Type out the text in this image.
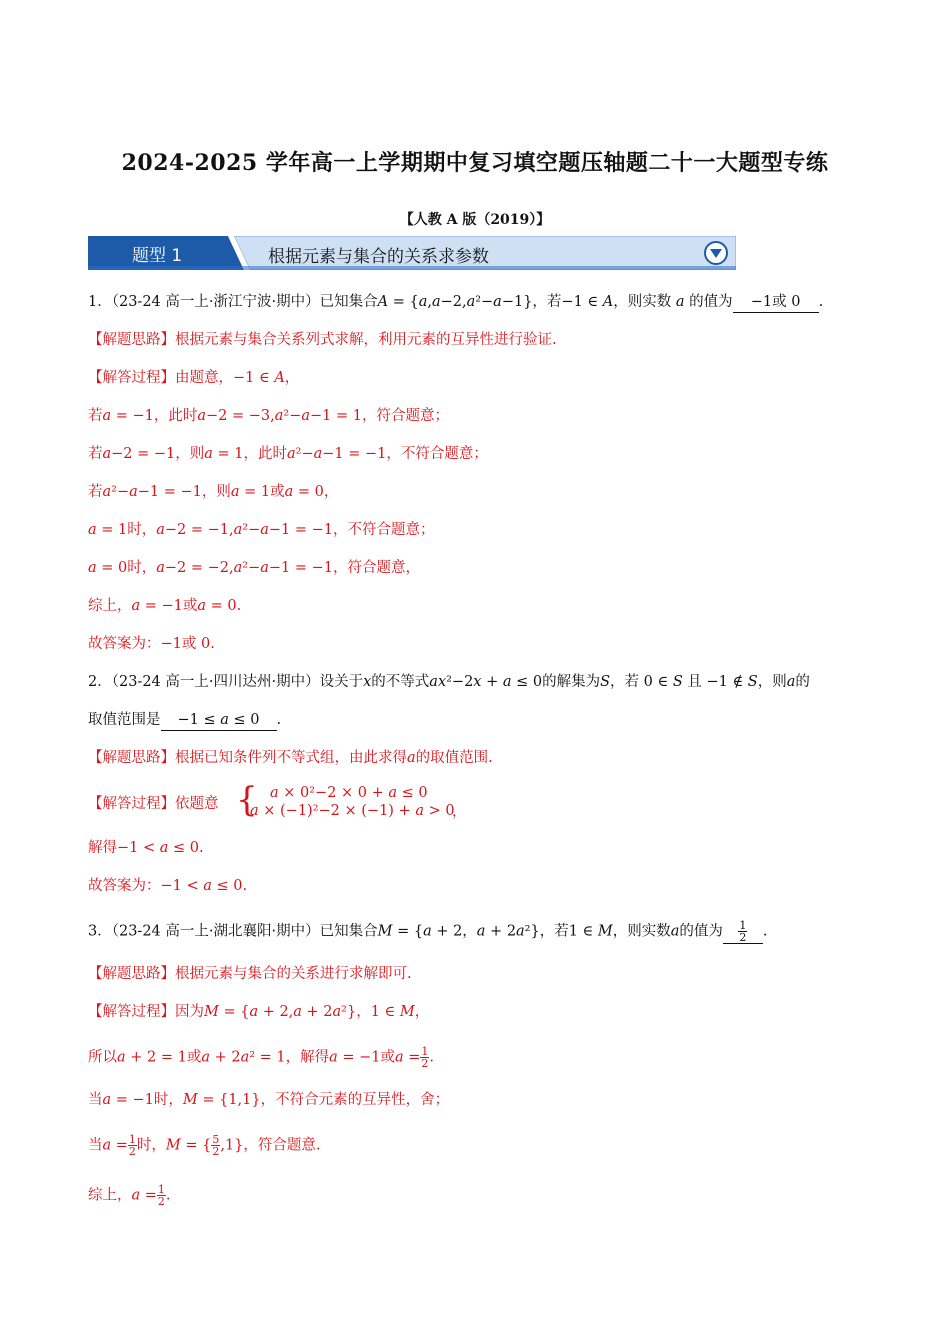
2024-2025 学年高一上学期期中复习填空题压轴题二十一大题型专练
【人教 A 版（2019）】
题型 1	根据元素与集合的关系求参数
1．（23-24 高一上·浙江宁波·期中）已知集合𝐴 = {𝑎,𝑎−2,𝑎²−𝑎−1}，若−1 ∈ 𝐴，则实数 𝑎 的值为 −1或 0 .
【解题思路】根据元素与集合关系列式求解，利用元素的互异性进行验证.
【解答过程】由题意，−1 ∈ 𝐴，
若𝑎 = −1，此时𝑎−2 = −3,𝑎²−𝑎−1 = 1，符合题意；
若𝑎−2 = −1，则𝑎 = 1，此时𝑎²−𝑎−1 = −1，不符合题意；
若𝑎²−𝑎−1 = −1，则𝑎 = 1或𝑎 = 0，
𝑎 = 1时，𝑎−2 = −1,𝑎²−𝑎−1 = −1，不符合题意；
𝑎 = 0时，𝑎−2 = −2,𝑎²−𝑎−1 = −1，符合题意，
综上，𝑎 = −1或𝑎 = 0.
故答案为：−1或 0.
2．（23-24 高一上·四川达州·期中）设关于𝑥的不等式𝑎𝑥²−2𝑥 + 𝑎 ≤ 0的解集为𝑆，若 0 ∈ 𝑆 且 −1 ∉ 𝑆，则𝑎的
取值范围是 −1 ≤ 𝑎 ≤ 0 .
【解题思路】根据已知条件列不等式组，由此求得𝑎的取值范围.
【解答过程】依题意 { 𝑎 × 0²−2 × 0 + 𝑎 ≤ 0
𝑎 × (−1)²−2 × (−1) + 𝑎 > 0
，
解得−1 < 𝑎 ≤ 0.
故答案为：−1 < 𝑎 ≤ 0.
3．（23-24 高一上·湖北襄阳·期中）已知集合𝑀 = {𝑎 + 2，𝑎 + 2𝑎²}，若1 ∈ 𝑀，则实数𝑎的值为 $\frac{1}{2}$ .
【解题思路】根据元素与集合的关系进行求解即可.
【解答过程】因为𝑀 = {𝑎 + 2,𝑎 + 2𝑎²}，1 ∈ 𝑀，
所以𝑎 + 2 = 1或𝑎 + 2𝑎² = 1，解得𝑎 = −1或𝑎 = $\frac{1}{2}$ .
当𝑎 = −1时，𝑀 = {1,1}，不符合元素的互异性，舍；
当𝑎 = $\frac{1}{2}$ 时，𝑀 = { $\frac{5}{2} ,1$}，符合题意.
综上，𝑎 = $\frac{1}{2}$ .
